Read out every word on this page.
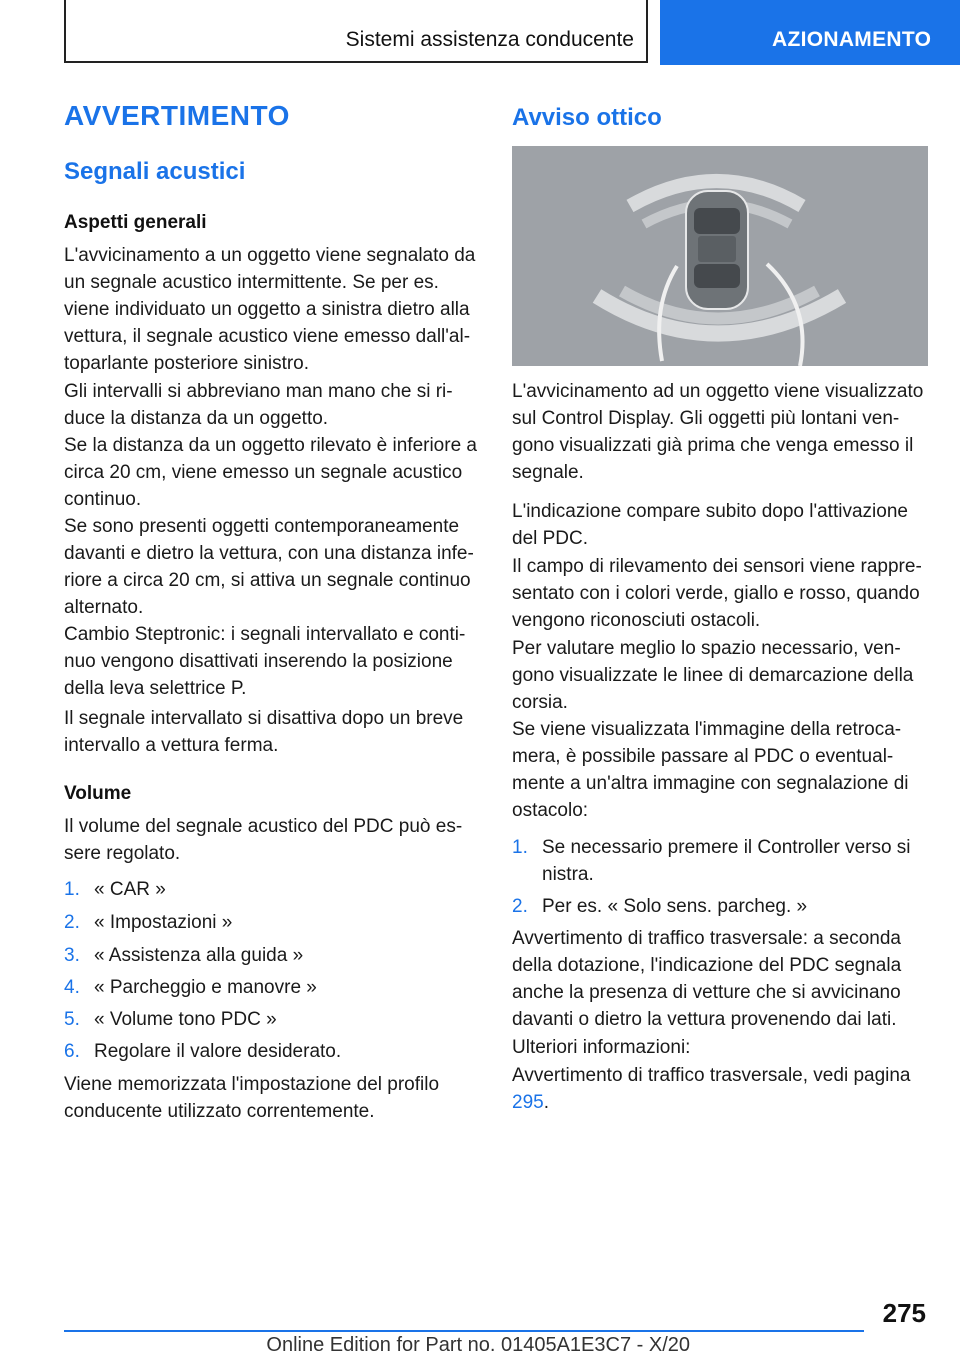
Sistemi assistenza conducente	AZIONAMENTO
AVVERTIMENTO
Segnali acustici
Aspetti generali

L'avvicinamento a un oggetto viene segnalato da un segnale acustico intermittente. Se per es. viene individuato un oggetto a sinistra dietro alla vettura, il segnale acustico viene emesso dall'altoparlante posteriore sinistro.

Gli intervalli si abbreviano man mano che si riduce la distanza da un oggetto.

Se la distanza da un oggetto rilevato è inferiore a circa 20 cm, viene emesso un segnale acustico continuo.

Se sono presenti oggetti contemporaneamente davanti e dietro la vettura, con una distanza inferiore a circa 20 cm, si attiva un segnale continuo alternato.

Cambio Steptronic: i segnali intervallato e continuo vengono disattivati inserendo la posizione della leva selettrice P.

Il segnale intervallato si disattiva dopo un breve intervallo a vettura ferma.

Volume

Il volume del segnale acustico del PDC può essere regolato.

1. « CAR »
2. « Impostazioni »
3. « Assistenza alla guida »
4. « Parcheggio e manovre »
5. « Volume tono PDC »
6. Regolare il valore desiderato.

Viene memorizzata l'impostazione del profilo conducente utilizzato correntemente.

Avviso ottico

L'avvicinamento ad un oggetto viene visualizzato sul Control Display. Gli oggetti più lontani vengono visualizzati già prima che venga emesso il segnale.

L'indicazione compare subito dopo l'attivazione del PDC.

Il campo di rilevamento dei sensori viene rappresentato con i colori verde, giallo e rosso, quando vengono riconosciuti ostacoli.

Per valutare meglio lo spazio necessario, vengono visualizzate le linee di demarcazione della corsia.

Se viene visualizzata l'immagine della retrocamera, è possibile passare al PDC o eventualmente a un'altra immagine con segnalazione di ostacolo:

1. Se necessario premere il Controller verso si
nistra.
2. Per es. « Solo sens. parcheg. »

Avvertimento di traffico trasversale: a seconda della dotazione, l'indicazione del PDC segnala anche la presenza di vetture che si avvicinano davanti o dietro la vettura provenendo dai lati.

Ulteriori informazioni:

Avvertimento di traffico trasversale, vedi pagina 295.

275
Online Edition for Part no. 01405A1E3C7 - X/20
